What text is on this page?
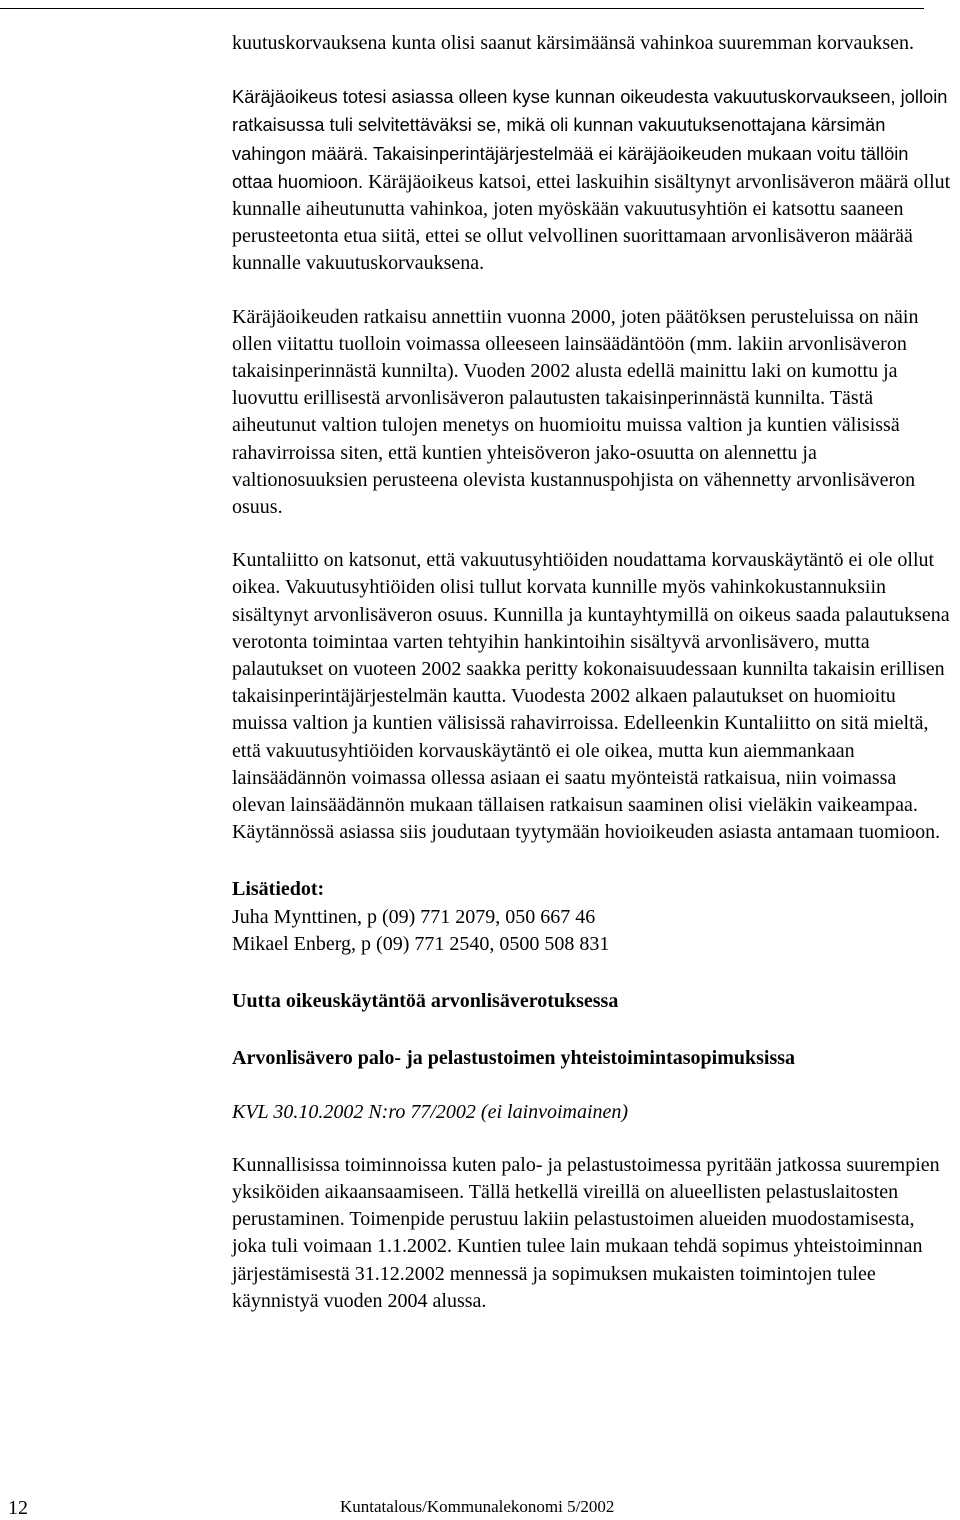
kuutuskorvauksena kunta olisi saanut kärsimäänsä vahinkoa suuremman korvauksen.

Käräjäoikeus totesi asiassa olleen kyse kunnan oikeudesta vakuutuskorvaukseen, jolloin ratkaisussa tuli selvitettäväksi se, mikä oli kunnan vakuutuksenottajana kärsimän vahingon määrä. Takaisinperintäjärjestelmää ei käräjäoikeuden mukaan voitu tällöin ottaa huomioon. Käräjäoikeus katsoi, ettei laskuihin sisältynyt arvonlisäveron määrä ollut kunnalle aiheutunutta vahinkoa, joten myöskään vakuutusyhtiön ei katsottu saaneen perusteetonta etua siitä, ettei se ollut velvollinen suorittamaan arvonlisäveron määrää kunnalle vakuutuskorvauksena.

Käräjäoikeuden ratkaisu annettiin vuonna 2000, joten päätöksen perusteluissa on näin ollen viitattu tuolloin voimassa olleeseen lainsäädäntöön (mm. lakiin arvonlisäveron takaisinperinnästä kunnilta). Vuoden 2002 alusta edellä mainittu laki on kumottu ja luovuttu erillisestä arvonlisäveron palautusten takaisinperinnästä kunnilta. Tästä aiheutunut valtion tulojen menetys on huomioitu muissa valtion ja kuntien välisissä rahavirroissa siten, että kuntien yhteisöveron jako-osuutta on alennettu ja valtionosuuksien perusteena olevista kustannuspohjista on vähennetty arvonlisäveron osuus.

Kuntaliitto on katsonut, että vakuutusyhtiöiden noudattama korvauskäytäntö ei ole ollut oikea. Vakuutusyhtiöiden olisi tullut korvata kunnille myös vahinkokustannuksiin sisältynyt arvonlisäveron osuus. Kunnilla ja kuntayhtymillä on oikeus saada palautuksena verotonta toimintaa varten tehtyihin hankintoihin sisältyvä arvonlisävero, mutta palautukset on vuoteen 2002 saakka peritty kokonaisuudessaan kunnilta takaisin erillisen takaisinperintäjärjestelmän kautta. Vuodesta 2002 alkaen palautukset on huomioitu muissa valtion ja kuntien välisissä rahavirroissa. Edelleenkin Kuntaliitto on sitä mieltä, että vakuutusyhtiöiden korvauskäytäntö ei ole oikea, mutta kun aiemmankaan lainsäädännön voimassa ollessa asiaan ei saatu myönteistä ratkaisua, niin voimassa olevan lainsäädännön mukaan tällaisen ratkaisun saaminen olisi vieläkin vaikeampaa. Käytännössä asiassa siis joudutaan tyytymään hovioikeuden asiasta antamaan tuomioon.

Lisätiedot:

Juha Mynttinen, p (09) 771 2079, 050 667 46

Mikael Enberg, p (09) 771 2540, 0500 508 831

Uutta oikeuskäytäntöä arvonlisäverotuksessa

Arvonlisävero palo- ja pelastustoimen yhteistoimintasopimuksissa

KVL 30.10.2002 N:ro 77/2002 (ei lainvoimainen)

Kunnallisissa toiminnoissa kuten palo- ja pelastustoimessa pyritään jatkossa suurempien yksiköiden aikaansaamiseen. Tällä hetkellä vireillä on alueellisten pelastuslaitosten perustaminen. Toimenpide perustuu lakiin pelastustoimen alueiden muodostamisesta, joka tuli voimaan 1.1.2002. Kuntien tulee lain mukaan tehdä sopimus yhteistoiminnan järjestämisestä 31.12.2002 mennessä ja sopimuksen mukaisten toimintojen tulee käynnistyä vuoden 2004 alussa.

12	Kuntatalous/Kommunalekonomi 5/2002
